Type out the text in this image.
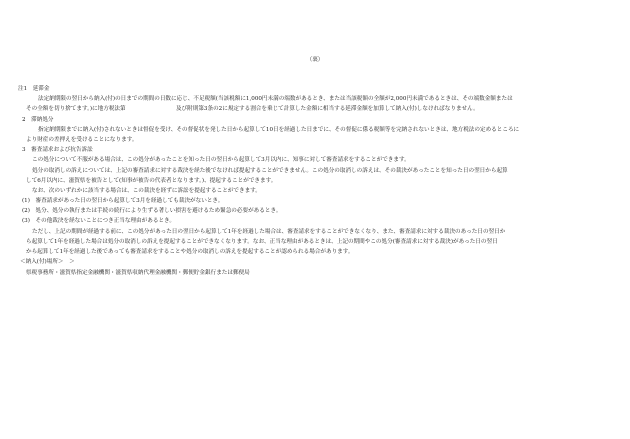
（裏）
注1　延滞金
法定納期限の翌日から納入(付)の日までの期間の日数に応じ、不足税額(当該税額に1,000円未満の端数があるとき、または当該税額の全額が2,000円未満であるときは、その端数金額または
その全額を切り捨てます。)に地方税法第　　　　　　　　　及び附則第3条の2に規定する割合を乗じて計算した金額に相当する延滞金額を加算して納入(付)しなければなりません。
2　滞納処分
指定納期限までに納入(付)されないときは督促を受け、その督促状を発した日から起算して10日を経過した日までに、その督促に係る税額等を完納されないときは、地方税法の定めるところに
より財産の差押えを受けることになります。
3　審査請求および抗告訴訟
この処分について不服がある場合は、この処分があったことを知った日の翌日から起算して3月以内に、知事に対して審査請求をすることができます。
処分の取消しの訴えについては、上記の審査請求に対する裁決を経た後でなければ提起することができません。この処分の取消しの訴えは、その裁決があったことを知った日の翌日から起算
して6月以内に、滋賀県を被告として(知事が被告の代表者となります。)、提起することができます。
なお、次のいずれかに該当する場合は、この裁決を経ずに訴訟を提起することができます。
(1)　審査請求があった日の翌日から起算して3月を経過しても裁決がないとき。
(2)　処分、処分の執行または手続の続行により生ずる著しい損害を避けるため緊急の必要があるとき。
(3)　その他裁決を経ないことにつき正当な理由があるとき。
ただし、上記の期間が経過する前に、この処分があった日の翌日から起算して1年を経過した場合は、審査請求をすることができなくなり、また、審査請求に対する裁決のあった日の翌日か
ら起算して1年を経過した場合は処分の取消しの訴えを提起することができなくなります。なお、正当な理由があるときは、上記の期間やこの処分(審査請求に対する裁決)があった日の翌日
から起算して1年を経過した後であっても審査請求をすることや処分の取消しの訴えを提起することが認められる場合があります。
＜納入(付)場所＞　＞
県税事務所・滋賀県指定金融機関・滋賀県収納代理金融機関・郵便貯金銀行または郵便局
